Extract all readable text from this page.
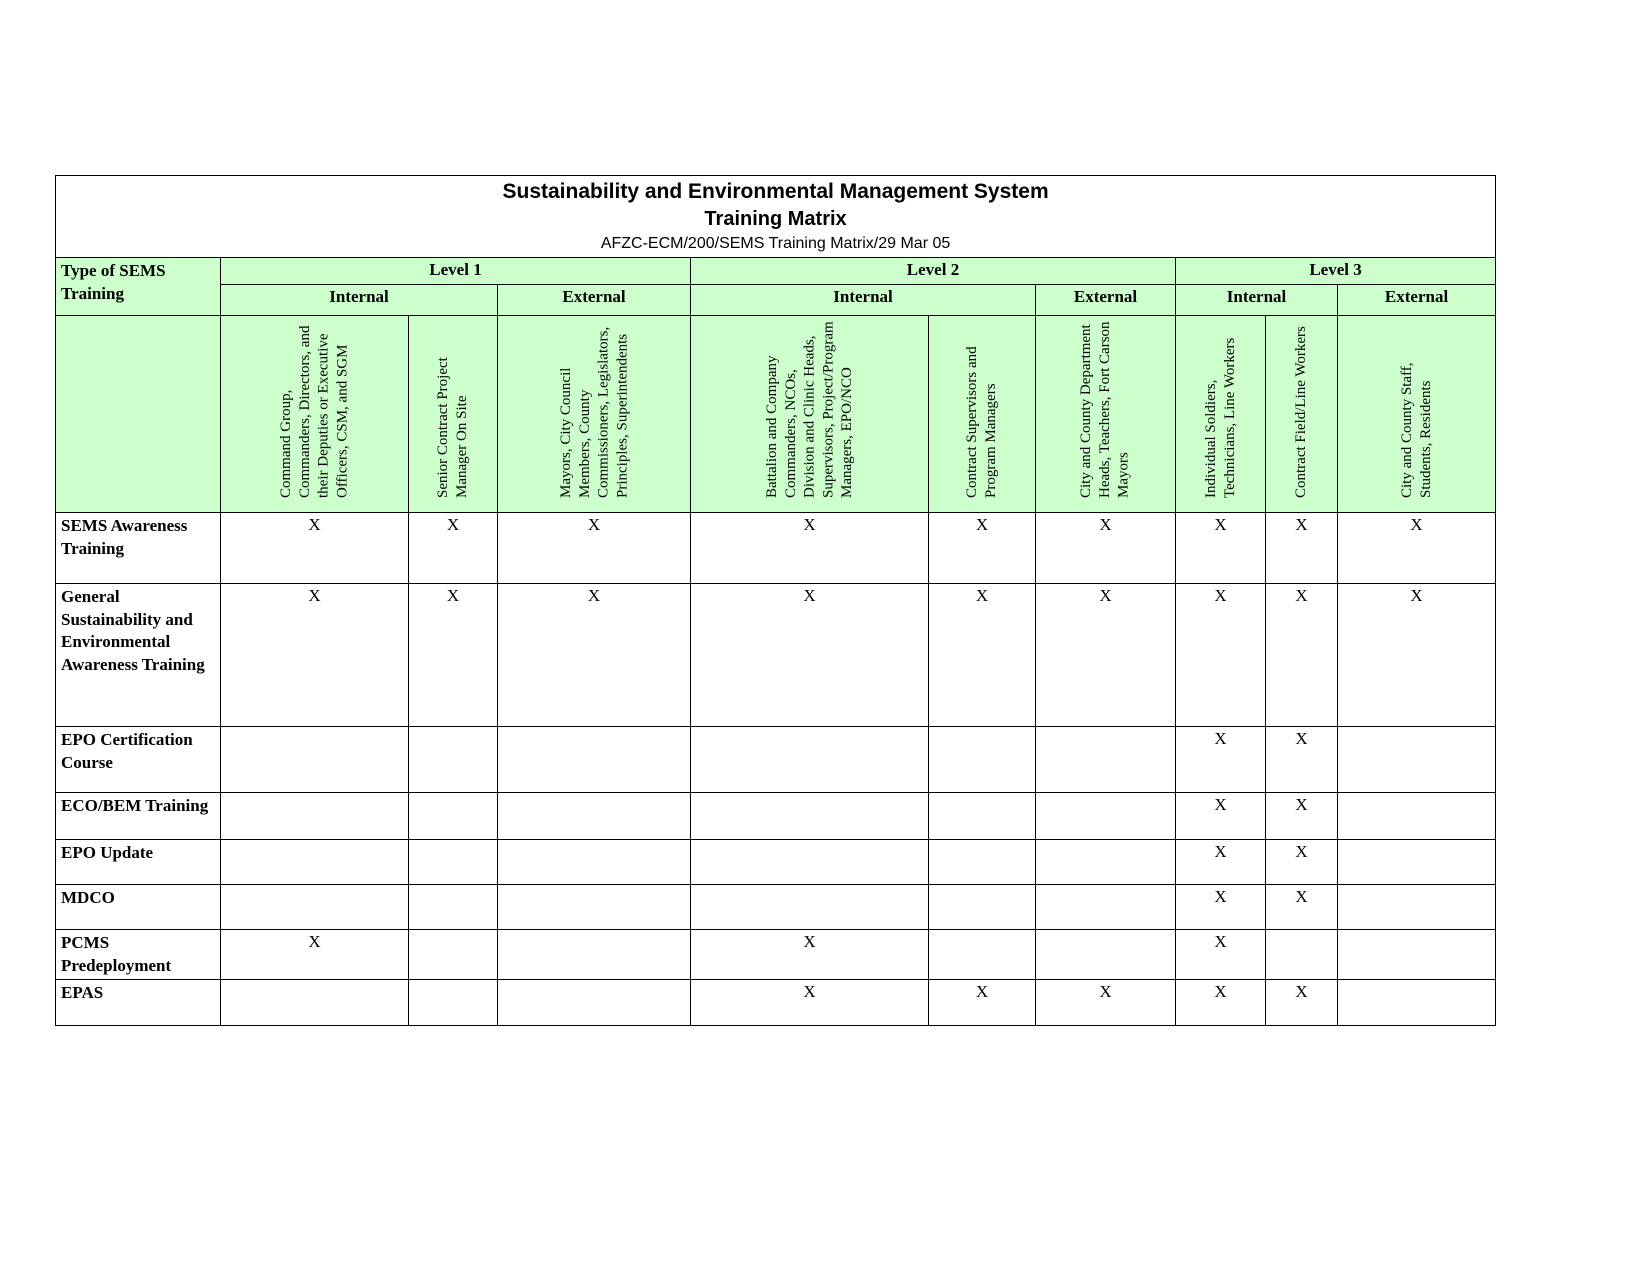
Sustainability and Environmental Management System
Training Matrix
AFZC-ECM/200/SEMS Training Matrix/29 Mar 05									

Type of SEMS Training	Level 1			Level 2			Level 3		
	Internal		External	Internal		External	Internal		External
	Command Group, Commanders, Directors, and their Deputies or Executive Officers, CSM, and SGM	Senior Contract Project Manager On Site	Mayors, City Council Members, County Commissioners, Legislators, Principles, Superintendents	Battalion and Company Commanders, NCOs, Division and Clinic Heads, Supervisors, Project/Program Managers, EPO/NCO	Contract Supervisors and Program Managers	City and County Department Heads, Teachers, Fort Carson Mayors	Individual Soldiers, Technicians, Line Workers	Contract Field/Line Workers	City and County Staff, Students, Residents
SEMS Awareness Training	X	X	X	X	X	X	X	X	X
General Sustainability and Environmental Awareness Training	X	X	X	X	X	X	X	X	X
EPO Certification Course							X	X	
ECO/BEM Training							X	X	
EPO Update							X	X	
MDCO							X	X	
PCMS Predeployment	X			X			X		
EPAS				X	X	X	X	X	
